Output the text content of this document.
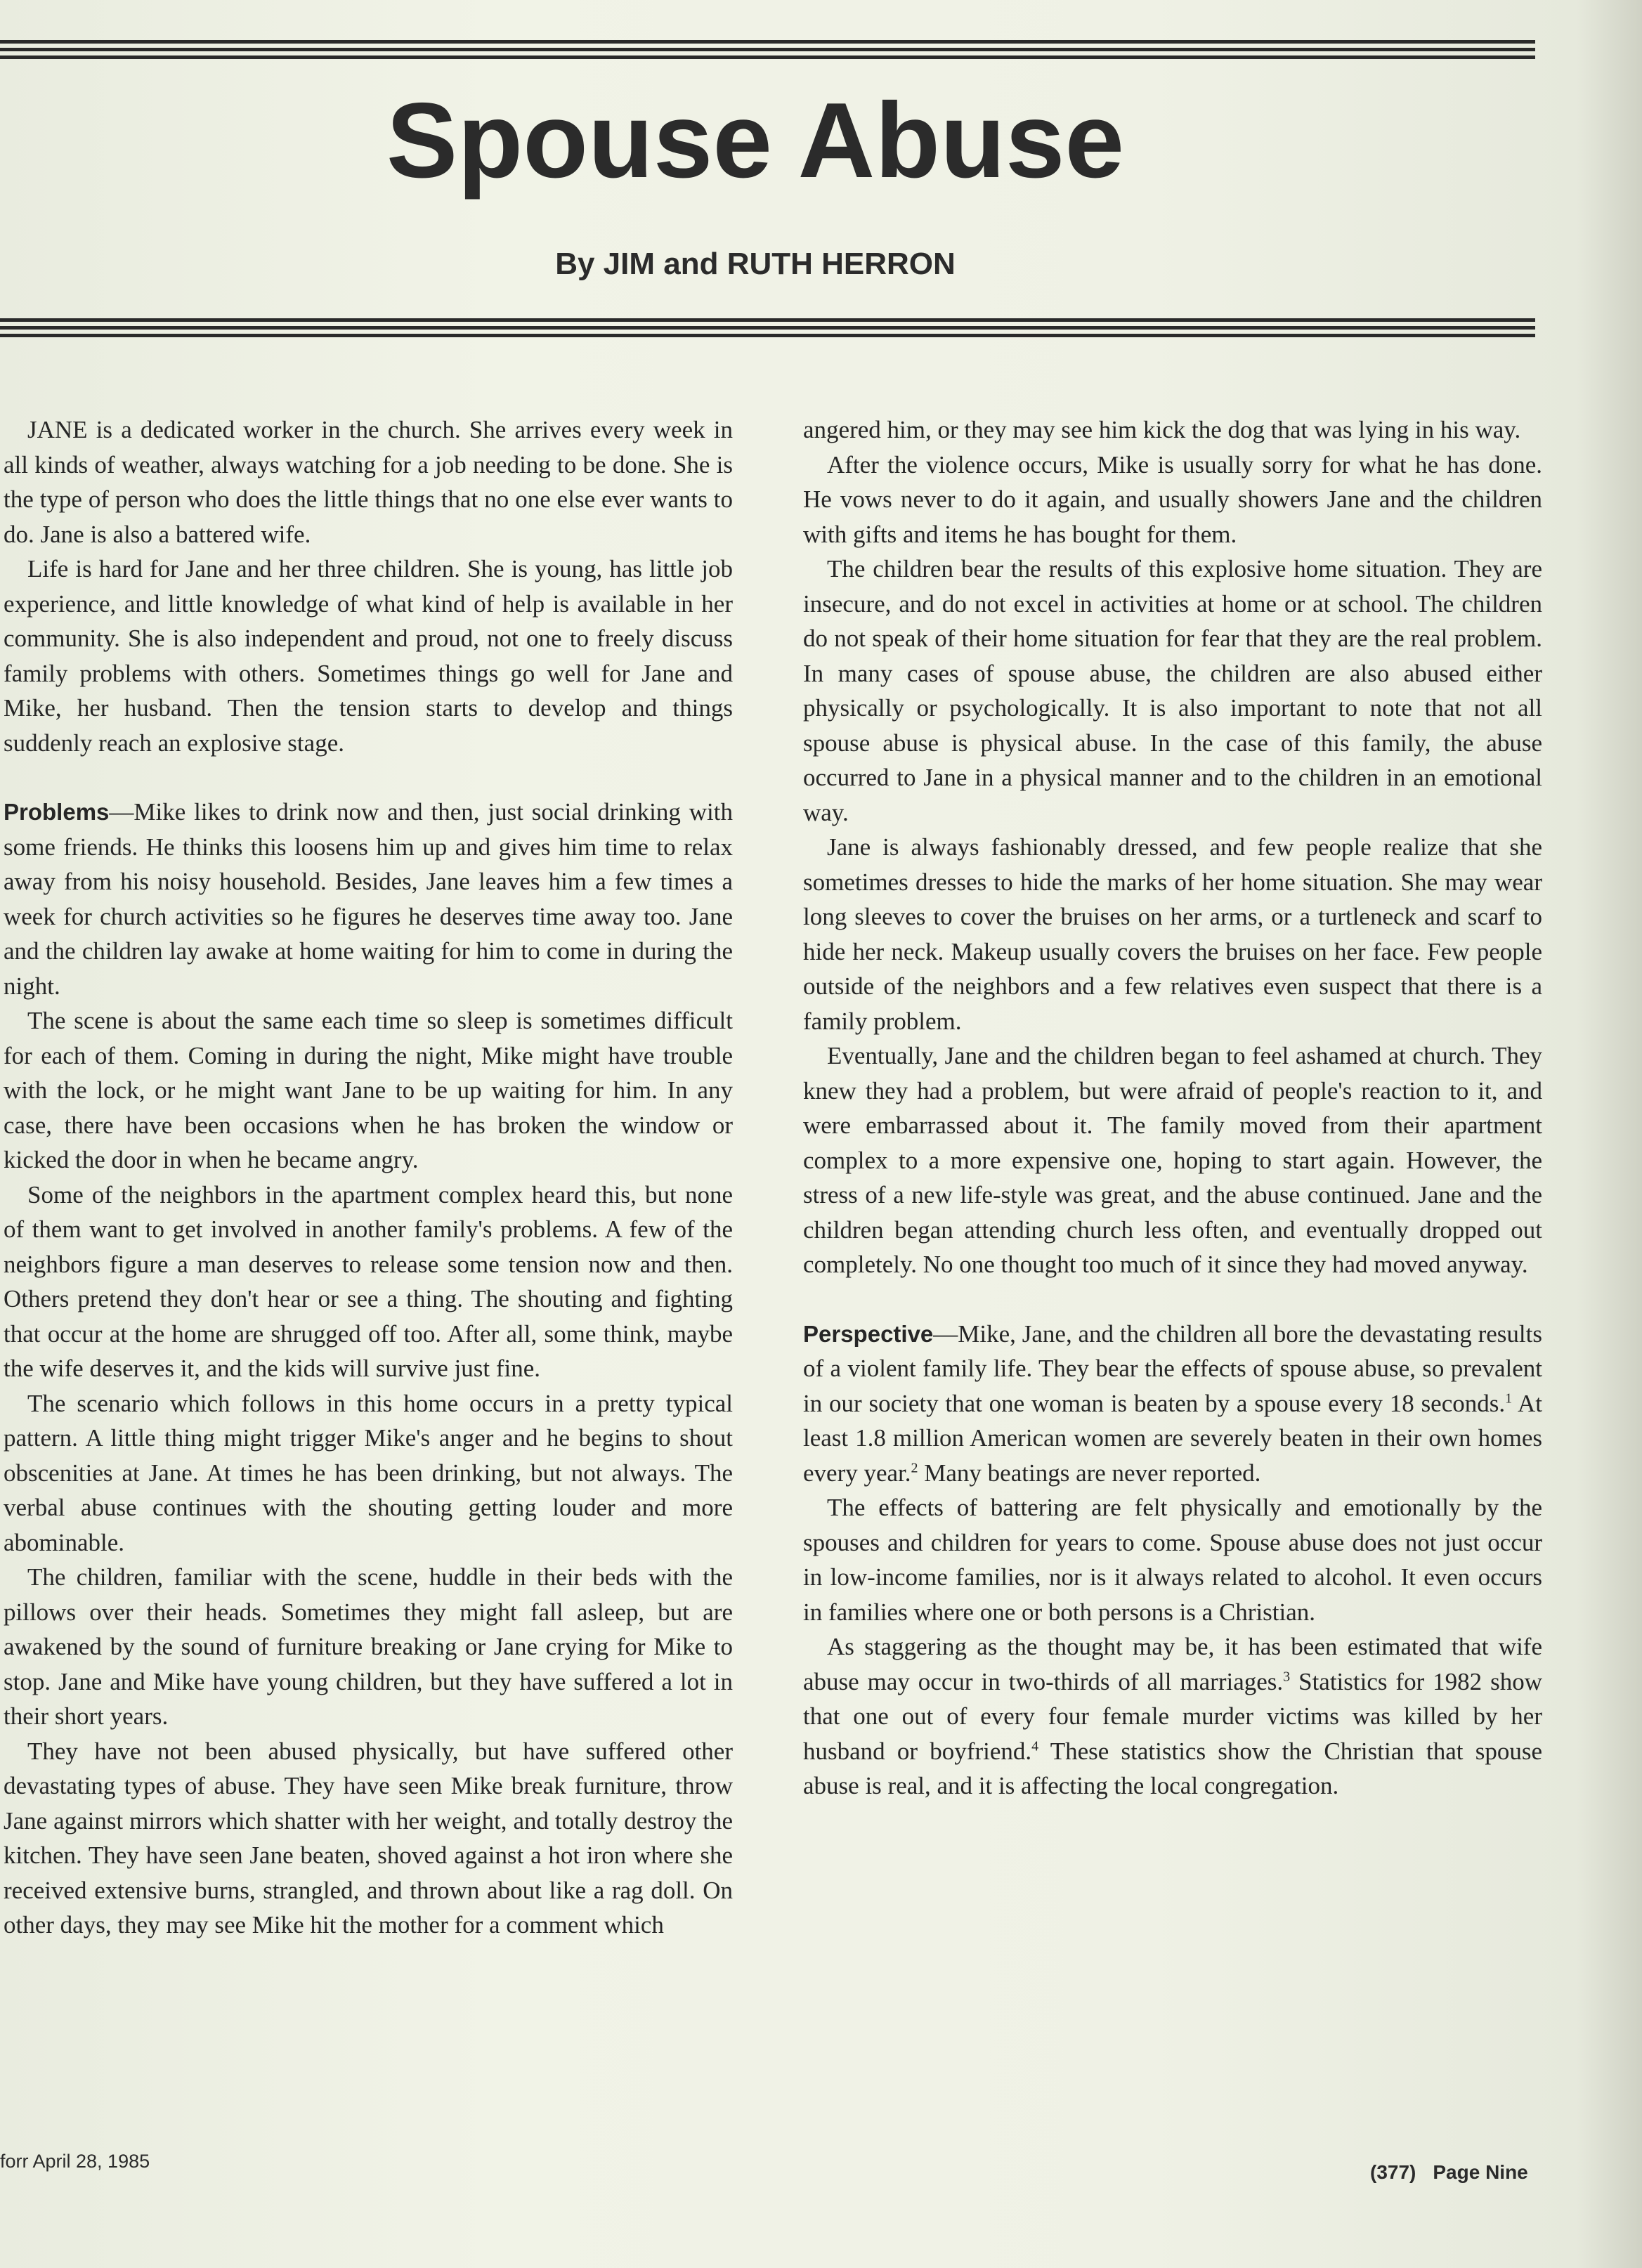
Spouse Abuse
By JIM and RUTH HERRON

JANE is a dedicated worker in the church. She arrives every week in all kinds of weather, always watching for a job needing to be done. She is the type of person who does the little things that no one else ever wants to do. Jane is also a battered wife.

Life is hard for Jane and her three children. She is young, has little job experience, and little knowledge of what kind of help is available in her community. She is also independent and proud, not one to freely discuss family problems with others. Sometimes things go well for Jane and Mike, her husband. Then the tension starts to develop and things suddenly reach an explosive stage.

Problems—Mike likes to drink now and then, just social drinking with some friends. He thinks this loosens him up and gives him time to relax away from his noisy household. Besides, Jane leaves him a few times a week for church activities so he figures he deserves time away too. Jane and the children lay awake at home waiting for him to come in during the night.

The scene is about the same each time so sleep is sometimes difficult for each of them. Coming in during the night, Mike might have trouble with the lock, or he might want Jane to be up waiting for him. In any case, there have been occasions when he has broken the window or kicked the door in when he became angry.

Some of the neighbors in the apartment complex heard this, but none of them want to get involved in another family's problems. A few of the neighbors figure a man deserves to release some tension now and then. Others pretend they don't hear or see a thing. The shouting and fighting that occur at the home are shrugged off too. After all, some think, maybe the wife deserves it, and the kids will survive just fine.

The scenario which follows in this home occurs in a pretty typical pattern. A little thing might trigger Mike's anger and he begins to shout obscenities at Jane. At times he has been drinking, but not always. The verbal abuse continues with the shouting getting louder and more abominable.

The children, familiar with the scene, huddle in their beds with the pillows over their heads. Sometimes they might fall asleep, but are awakened by the sound of furniture breaking or Jane crying for Mike to stop. Jane and Mike have young children, but they have suffered a lot in their short years.

They have not been abused physically, but have suffered other devastating types of abuse. They have seen Mike break furniture, throw Jane against mirrors which shatter with her weight, and totally destroy the kitchen. They have seen Jane beaten, shoved against a hot iron where she received extensive burns, strangled, and thrown about like a rag doll. On other days, they may see Mike hit the mother for a comment which

angered him, or they may see him kick the dog that was lying in his way.

After the violence occurs, Mike is usually sorry for what he has done. He vows never to do it again, and usually showers Jane and the children with gifts and items he has bought for them.

The children bear the results of this explosive home situation. They are insecure, and do not excel in activities at home or at school. The children do not speak of their home situation for fear that they are the real problem. In many cases of spouse abuse, the children are also abused either physically or psychologically. It is also important to note that not all spouse abuse is physical abuse. In the case of this family, the abuse occurred to Jane in a physical manner and to the children in an emotional way.

Jane is always fashionably dressed, and few people realize that she sometimes dresses to hide the marks of her home situation. She may wear long sleeves to cover the bruises on her arms, or a turtleneck and scarf to hide her neck. Makeup usually covers the bruises on her face. Few people outside of the neighbors and a few relatives even suspect that there is a family problem.

Eventually, Jane and the children began to feel ashamed at church. They knew they had a problem, but were afraid of people's reaction to it, and were embarrassed about it. The family moved from their apartment complex to a more expensive one, hoping to start again. However, the stress of a new life-style was great, and the abuse continued. Jane and the children began attending church less often, and eventually dropped out completely. No one thought too much of it since they had moved anyway.

Perspective—Mike, Jane, and the children all bore the devastating results of a violent family life. They bear the effects of spouse abuse, so prevalent in our society that one woman is beaten by a spouse every 18 seconds.$^1$ At least 1.8 million American women are severely beaten in their own homes every year.$^2$ Many beatings are never reported.

The effects of battering are felt physically and emotionally by the spouses and children for years to come. Spouse abuse does not just occur in low-income families, nor is it always related to alcohol. It even occurs in families where one or both persons is a Christian.

As staggering as the thought may be, it has been estimated that wife abuse may occur in two-thirds of all marriages.$^3$ Statistics for 1982 show that one out of every four female murder victims was killed by her husband or boyfriend.$^4$ These statistics show the Christian that spouse abuse is real, and it is affecting the local congregation.

forr April 28, 1985	(377) Page Nine
